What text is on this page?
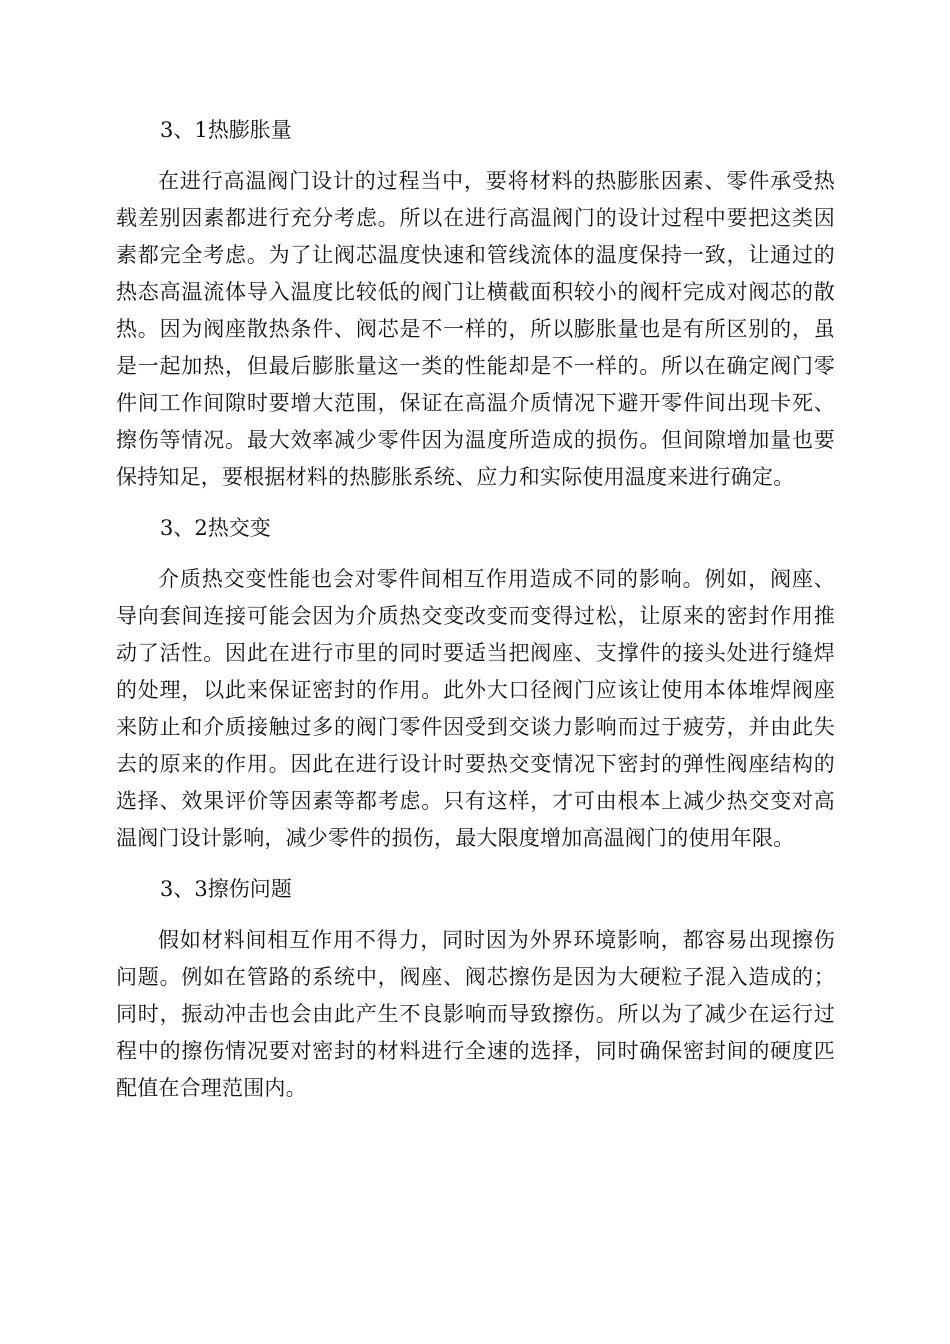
3、1热膨胀量

在进行高温阀门设计的过程当中，要将材料的热膨胀因素、零件承受热载差别因素都进行充分考虑。所以在进行高温阀门的设计过程中要把这类因素都完全考虑。为了让阀芯温度快速和管线流体的温度保持一致，让通过的热态高温流体导入温度比较低的阀门让横截面积较小的阀杆完成对阀芯的散热。因为阀座散热条件、阀芯是不一样的，所以膨胀量也是有所区别的，虽是一起加热，但最后膨胀量这一类的性能却是不一样的。所以在确定阀门零件间工作间隙时要增大范围，保证在高温介质情况下避开零件间出现卡死、擦伤等情况。最大效率减少零件因为温度所造成的损伤。但间隙增加量也要保持知足，要根据材料的热膨胀系统、应力和实际使用温度来进行确定。

3、2热交变

介质热交变性能也会对零件间相互作用造成不同的影响。例如，阀座、导向套间连接可能会因为介质热交变改变而变得过松，让原来的密封作用推动了活性。因此在进行市里的同时要适当把阀座、支撑件的接头处进行缝焊的处理，以此来保证密封的作用。此外大口径阀门应该让使用本体堆焊阀座来防止和介质接触过多的阀门零件因受到交谈力影响而过于疲劳，并由此失去的原来的作用。因此在进行设计时要热交变情况下密封的弹性阀座结构的选择、效果评价等因素等都考虑。只有这样，才可由根本上减少热交变对高温阀门设计影响，减少零件的损伤，最大限度增加高温阀门的使用年限。

3、3擦伤问题

假如材料间相互作用不得力，同时因为外界环境影响，都容易出现擦伤问题。例如在管路的系统中，阀座、阀芯擦伤是因为大硬粒子混入造成的；同时，振动冲击也会由此产生不良影响而导致擦伤。所以为了减少在运行过程中的擦伤情况要对密封的材料进行全速的选择，同时确保密封间的硬度匹配值在合理范围内。
